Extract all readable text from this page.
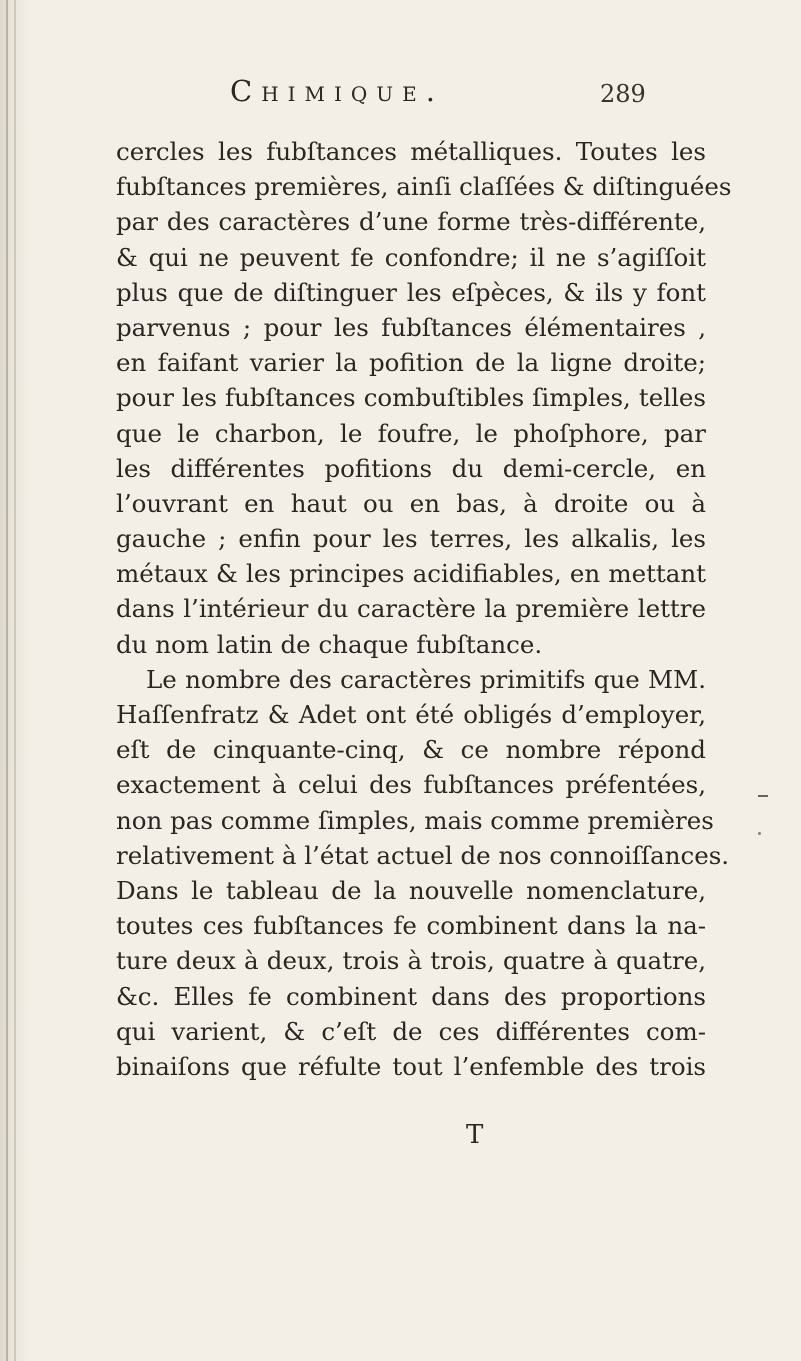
Chimique.	289
cercles les fubſtances métalliques. Toutes les
fubſtances premières, ainſi claſſées & diſtinguées
par des caractères d’une forme très-différente,
& qui ne peuvent fe confondre; il ne s’agiſſoit
plus que de diſtinguer les eſpèces, & ils y font
parvenus ; pour les fubſtances élémentaires ,
en faifant varier la pofition de la ligne droite;
pour les fubſtances combuſtibles ſimples, telles
que le charbon, le foufre, le phoſphore, par
les différentes pofitions du demi-cercle, en
l’ouvrant en haut ou en bas, à droite ou à
gauche ; enfin pour les terres, les alkalis, les
métaux & les principes acidifiables, en mettant
dans l’intérieur du caractère la première lettre
du nom latin de chaque fubſtance.
Le nombre des caractères primitifs que MM.
Haſſenfratz & Adet ont été obligés d’employer,
eſt de cinquante-cinq, & ce nombre répond
exactement à celui des fubſtances préfentées,
non pas comme ſimples, mais comme premières
relativement à l’état actuel de nos connoiſſances.
Dans le tableau de la nouvelle nomenclature,
toutes ces fubſtances fe combinent dans la na-
ture deux à deux, trois à trois, quatre à quatre,
&c. Elles fe combinent dans des proportions
qui varient, & c’eſt de ces différentes com-
binaiſons que réfulte tout l’enfemble des trois
T
